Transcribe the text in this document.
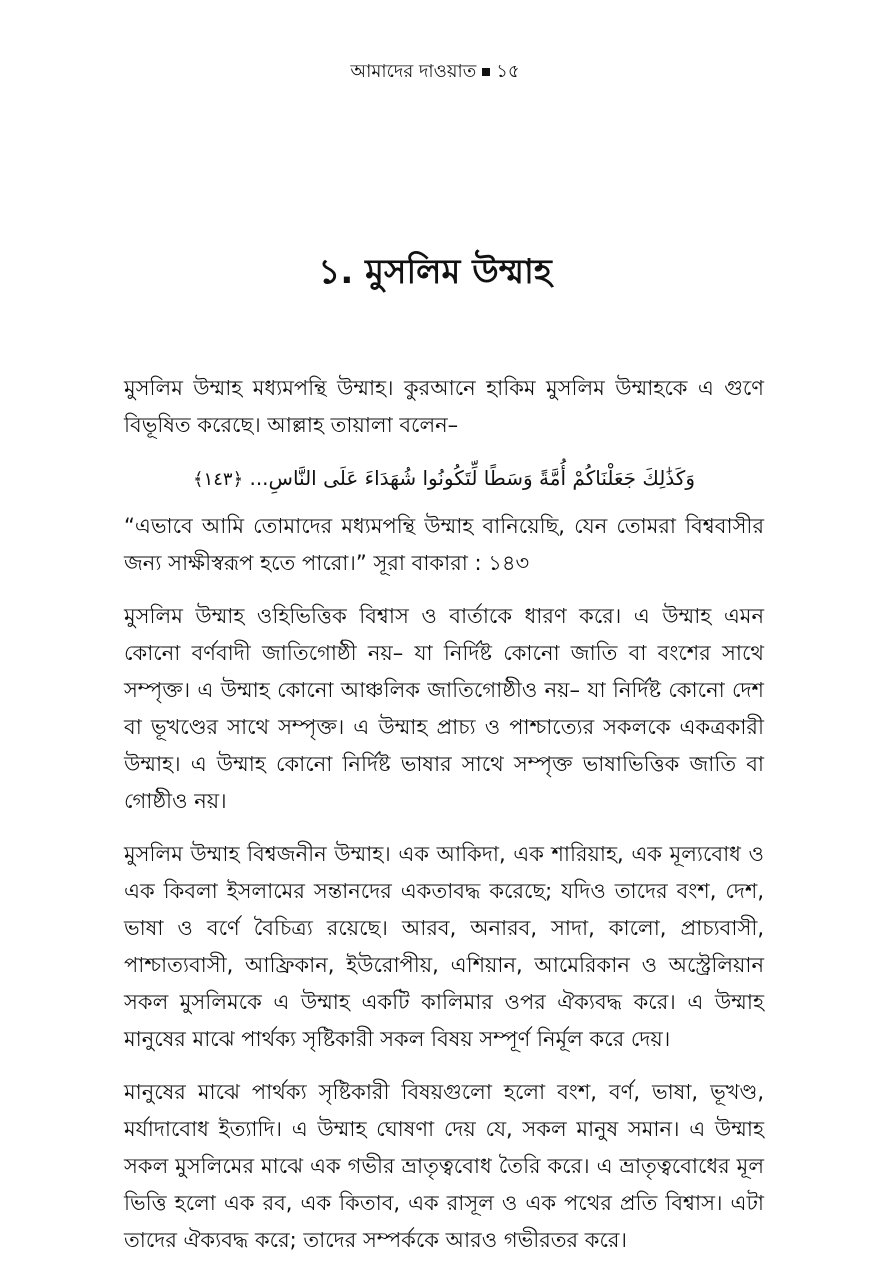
আমাদের দাওয়াত ১৫
১. মুসলিম উম্মাহ

মুসলিম উম্মাহ মধ্যমপন্থি উম্মাহ। কুরআনে হাকিম মুসলিম উম্মাহকে এ গুণে বিভূষিত করেছে। আল্লাহ তায়ালা বলেন–

وَكَذَٰلِكَ جَعَلْنَاكُمْ أُمَّةً وَسَطًا لِّتَكُونُوا شُهَدَاءَ عَلَى النَّاسِ... ﴿١٤٣﴾

“এভাবে আমি তোমাদের মধ্যমপন্থি উম্মাহ বানিয়েছি, যেন তোমরা বিশ্ববাসীর জন্য সাক্ষীস্বরূপ হতে পারো।” সূরা বাকারা : ১৪৩

মুসলিম উম্মাহ ওহিভিত্তিক বিশ্বাস ও বার্তাকে ধারণ করে। এ উম্মাহ এমন কোনো বর্ণবাদী জাতিগোষ্ঠী নয়– যা নির্দিষ্ট কোনো জাতি বা বংশের সাথে সম্পৃক্ত। এ উম্মাহ কোনো আঞ্চলিক জাতিগোষ্ঠীও নয়– যা নির্দিষ্ট কোনো দেশ বা ভূখণ্ডের সাথে সম্পৃক্ত। এ উম্মাহ প্রাচ্য ও পাশ্চাত্যের সকলকে একত্রকারী উম্মাহ। এ উম্মাহ কোনো নির্দিষ্ট ভাষার সাথে সম্পৃক্ত ভাষাভিত্তিক জাতি বা গোষ্ঠীও নয়।

মুসলিম উম্মাহ বিশ্বজনীন উম্মাহ। এক আকিদা, এক শারিয়াহ, এক মূল্যবোধ ও এক কিবলা ইসলামের সন্তানদের একতাবদ্ধ করেছে; যদিও তাদের বংশ, দেশ, ভাষা ও বর্ণে বৈচিত্র্য রয়েছে। আরব, অনারব, সাদা, কালো, প্রাচ্যবাসী, পাশ্চাত্যবাসী, আফ্রিকান, ইউরোপীয়, এশিয়ান, আমেরিকান ও অস্ট্রেলিয়ান সকল মুসলিমকে এ উম্মাহ একটি কালিমার ওপর ঐক্যবদ্ধ করে। এ উম্মাহ মানুষের মাঝে পার্থক্য সৃষ্টিকারী সকল বিষয় সম্পূর্ণ নির্মূল করে দেয়।

মানুষের মাঝে পার্থক্য সৃষ্টিকারী বিষয়গুলো হলো বংশ, বর্ণ, ভাষা, ভূখণ্ড, মর্যাদাবোধ ইত্যাদি। এ উম্মাহ ঘোষণা দেয় যে, সকল মানুষ সমান। এ উম্মাহ সকল মুসলিমের মাঝে এক গভীর ভ্রাতৃত্ববোধ তৈরি করে। এ ভ্রাতৃত্ববোধের মূল ভিত্তি হলো এক রব, এক কিতাব, এক রাসূল ও এক পথের প্রতি বিশ্বাস। এটা তাদের ঐক্যবদ্ধ করে; তাদের সম্পর্ককে আরও গভীরতর করে।
